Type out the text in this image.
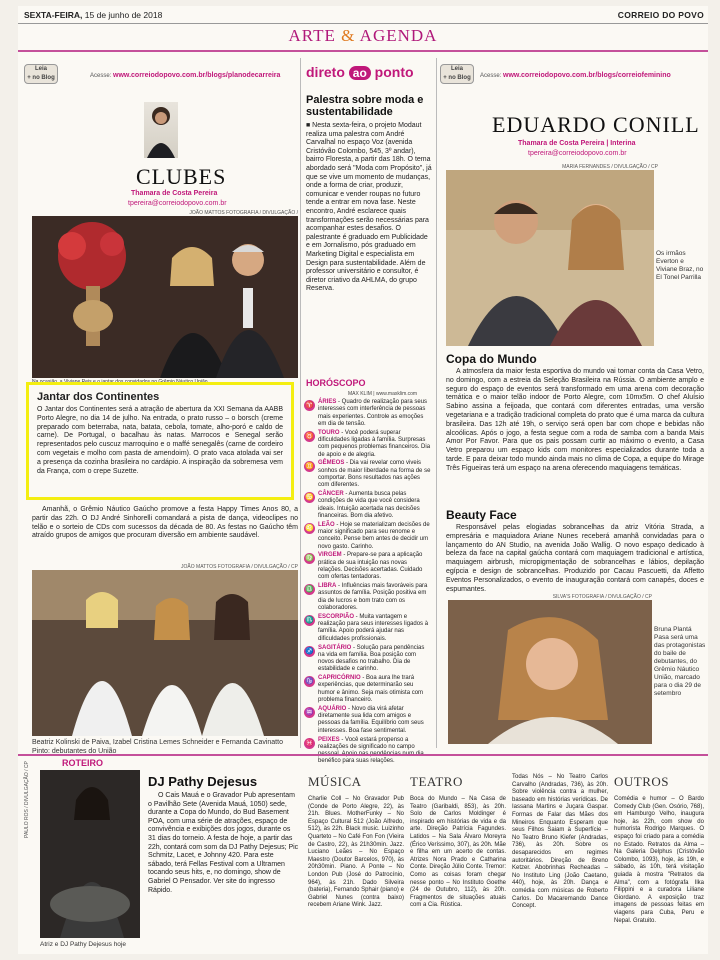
SEXTA-FEIRA, 15 de junho de 2018	CORREIO DO POVO
ARTE & AGENDA
Leia
+ no Blog	Acesse: www.correiodopovo.com.br/blogs/planodecarreira
CLUBES
Thamara de Costa Pereira
tpereira@correiodopovo.com.br
JOÃO MATTOS FOTOGRAFIA / DIVULGAÇÃO /
Jantar dos Continentes

O Jantar dos Continentes será a atração de abertura da XXI Semana da AABB Porto Alegre, no dia 14 de julho. Na entrada, o prato russo – o borsch (creme preparado com beterraba, nata, batata, cebola, tomate, alho-poró e caldo de carne). De Portugal, o bacalhau às natas. Marrocos e Senegal serão representados pelo cuscuz marroquino e o maffé senegalês (carne de cordeiro com vegetais e molho com pasta de amendoim). O prato vaca atolada vai ser a presença da cozinha brasileira no cardápio. A inspiração da sobremesa vem da França, com o crepe Suzette.

Amanhã, o Grêmio Náutico Gaúcho promove a festa Happy Times Anos 80, a partir das 22h. O DJ André Sinhorelli comandará a pista de dança, videoclipes no telão e o sorteio de CDs com sucessos da década de 80. As festas no Gaúcho têm atraído grupos de amigos que procuram diversão em ambiente saudável.
JOÃO MATTOS FOTOGRAFIA / DIVULGAÇÃO / CP
Beatriz Kolinski de Paiva, Izabel Cristina Lemes Schneider e Fernanda Cavinatto Pinto: debutantes do União
direto ao ponto
Palestra sobre moda e sustentabilidade
■ Nesta sexta-feira, o projeto Modaut realiza uma palestra com André Carvalhal no espaço Voz (avenida Cristóvão Colombo, 545, 3º andar), bairro Floresta, a partir das 18h. O tema abordado será "Moda com Propósito", já que se vive um momento de mudanças, onde a forma de criar, produzir, comunicar e vender roupas no futuro tende a entrar em nova fase. Neste encontro, André esclarece quais transformações serão necessárias para acompanhar estes desafios. O palestrante é graduado em Publicidade e em Jornalismo, pós graduado em Marketing Digital e especialista em Design para sustentabilidade. Além de professor universitário e consultor, é diretor criativo da AHLMA, do grupo Reserva.
HORÓSCOPO
MAX KLIM | www.maxklim.com
♈ ÁRIES - Quadro de realização para seus interesses com interferência de pessoas mais experientes. Controle as emoções em dia de tensão.
♉ TOURO - Você poderá superar dificuldades ligadas à família. Surpresas com pequenos problemas financeiros. Dia de apoio e de alegria.
♊ GÊMEOS - Dia vai revelar como viveis sonhos de maior liberdade na forma de se comportar. Bons resultados nas ações com diferentes.
♋ CÂNCER - Aumenta busca pelas condições de vida que você considera ideais. Intuição acertada nas decisões financeiras. Bom dia afetivo.
♌ LEÃO - Hoje se materializam decisões de maior significado para seu renome e conceito. Pense bem antes de decidir um novo gasto. Carinho.
♍ VIRGEM - Prepare-se para a aplicação prática de sua intuição nas novas relações. Decisões acertadas. Cuidado com ofertas tentadoras.
♎ LIBRA - Influências mais favoráveis para assuntos de família. Posição positiva em dia de lucros e bom trato com os colaboradores.
♏ ESCORPIÃO - Muita vantagem e realização para seus interesses ligados à família. Apoio poderá ajudar nas dificuldades profissionais.
♐ SAGITÁRIO - Solução para pendências na vida em família. Boa posição com novos desafios no trabalho. Dia de estabilidade e carinho.
♑ CAPRICÓRNIO - Boa aura lhe trará experiências, que determinarão seu humor e ânimo. Seja mais otimista com problema financeiro.
♒ AQUÁRIO - Novo dia virá afetar diretamente sua lida com amigos e pessoas da família. Equilíbrio com seus interesses. Boa fase sentimental.
♓ PEIXES - Você estará propenso a realizações de significado no campo pessoal. Apoio nas pendências num dia benéfico para suas relações.
Leia
+ no Blog	Acesse: www.correiodopovo.com.br/blogs/correiofeminino
EDUARDO CONILL
Thamara de Costa Pereira | Interina
tpereira@correiodopovo.com.br
MARIA FERNANDES / DIVULGAÇÃO / CP
Os irmãos Everton e Viviane Braz, no El Tonel Parrilla
Copa do Mundo
A atmosfera da maior festa esportiva do mundo vai tomar conta da Casa Vetro, no domingo, com a estreia da Seleção Brasileira na Rússia. O ambiente amplo e seguro do espaço de eventos será transformado em uma arena com decoração temática e o maior telão indoor de Porto Alegre, com 10mx5m. O chef Aluísio Sabino assina a feijoada, que contará com diferentes entradas, uma versão vegetariana e a tradição tradicional completa do prato que é uma marca da cultura brasileira. Das 12h até 19h, o serviço será open bar com chope e bebidas não alcoólicas. Após o jogo, a festa segue com a roda de samba com a banda Mais Amor Por Favor. Para que os pais possam curtir ao máximo o evento, a Casa Vetro preparou um espaço kids com monitores especializados durante toda a tarde. E para deixar todo mundo ainda mais no clima de Copa, a equipe do Mirage Três Figueiras terá um espaço na arena oferecendo maquiagens temáticas.
Beauty Face
Responsável pelas elogiadas sobrancelhas da atriz Vitória Strada, a empresária e maquiadora Ariane Nunes receberá amanhã convidadas para o lançamento do AN Studio, na avenida João Wallig. O novo espaço dedicado à beleza da face na capital gaúcha contará com maquiagem tradicional e artística, maquiagem airbrush, micropigmentação de sobrancelhas e lábios, depilação egípcia e design de sobrancelhas. Produzido por Cacau Pascuetti, da Affetto Eventos Personalizados, o evento de inauguração contará com canapés, doces e espumantes.
SILVA'S FOTOGRAFIA / DIVULGAÇÃO / CP
Bruna Plantá Pasa será uma das protagonistas do baile de debutantes, do Grêmio Náutico União, marcado para o dia 29 de setembro
ROTEIRO
PAULO ROS / DIVULGAÇÃO / CP
Atriz e DJ Pathy Dejesus hoje
DJ Pathy Dejesus
O Cais Mauá e o Gravador Pub apresentam o Pavilhão Sete (Avenida Mauá, 1050) sede, durante a Copa do Mundo, do Bud Basement POA, com uma série de atrações, espaço de convivência e exibições dos jogos, durante os 31 dias do torneio. A festa de hoje, a partir das 22h, contará com som da DJ Pathy Dejesus; Pic Schmitz, Lacet, e Johnny 420. Para este sábado, terá Fellas Festival com a Ultramen tocando seus hits, e, no domingo, show de Gabriel O Pensador. Ver site do ingresso Rápido.
MÚSICA
Charlie Coll – No Gravador Pub (Conde de Porto Alegre, 22), às 21h. Blues. MotherFunky – No Espaço Cultural 512 (João Alfredo, 512), às 22h. Black music. Luizinho Quarteto – No Café Fon Fon (Vieira de Castro, 22), às 21h30min. Jazz. Luciano Leães – No Espaço Maestro (Doutor Barcelos, 970), às 20h30min. Piano. A Ponte – No London Pub (José do Patrocínio, 964), às 21h. Dado Silveira (bateria), Fernando Sphair (piano) e Gabriel Nunes (contra baixo) recebem Ariane Wink. Jazz.
TEATRO
Boca do Mundo – Na Casa de Teatro (Garibaldi, 853), às 20h. Solo de Carlos Moldinger é inspirado em histórias de vida e da arte. Direção Patrícia Fagundes. Latidos – Na Sala Álvaro Moreyra (Érico Veríssimo, 307), às 20h. Mãe e filha em um acerto de contas. Atrizes Nora Prado e Catharina Conte. Direção Júlio Conte. Tremor: Como as coisas foram chegar nesse ponto – No Instituto Goethe (24 de Outubro, 112), às 20h. Fragmentos de situações atuais com a Cia. Rústica.
Todas Nós – No Teatro Carlos Carvalho (Andradas, 736), às 20h. Sobre violência contra a mulher, baseado em histórias verídicas. De Iassana Martins e Juçara Gaspar. Formas de Falar das Mães dos Mineiros Enquanto Esperam que seus Filhos Saiam à Superfície – No Teatro Bruno Kiefer (Andradas, 736), às 20h. Sobre os desaparecidos em regimes autoritários. Direção de Breno Ketzer. Abobrinhas Recheadas – No Instituto Ling (João Caetano, 440), hoje, às 20h. Dança e comédia com músicas de Roberto Carlos. Do Macaremando Dance Concept.
OUTROS
Comédia e humor – O Bardo Comedy Club (Gen. Osório, 768), em Hamburgo Velho, inaugura hoje, às 22h, com show do humorista Rodrigo Marques. O espaço foi criado para a comédia no Estado. Retratos da Alma – Na Galeria Delphus (Cristóvão Colombo, 1093), hoje, às 19h, e sábado, às 10h, terá visitação guiada à mostra "Retratos da Alma", com a fotógrafa Ilka Filippini e a curadora Liliane Giordano. A exposição traz imagens de pessoas feitas em viagens para Cuba, Peru e Nepal. Gratuito.
